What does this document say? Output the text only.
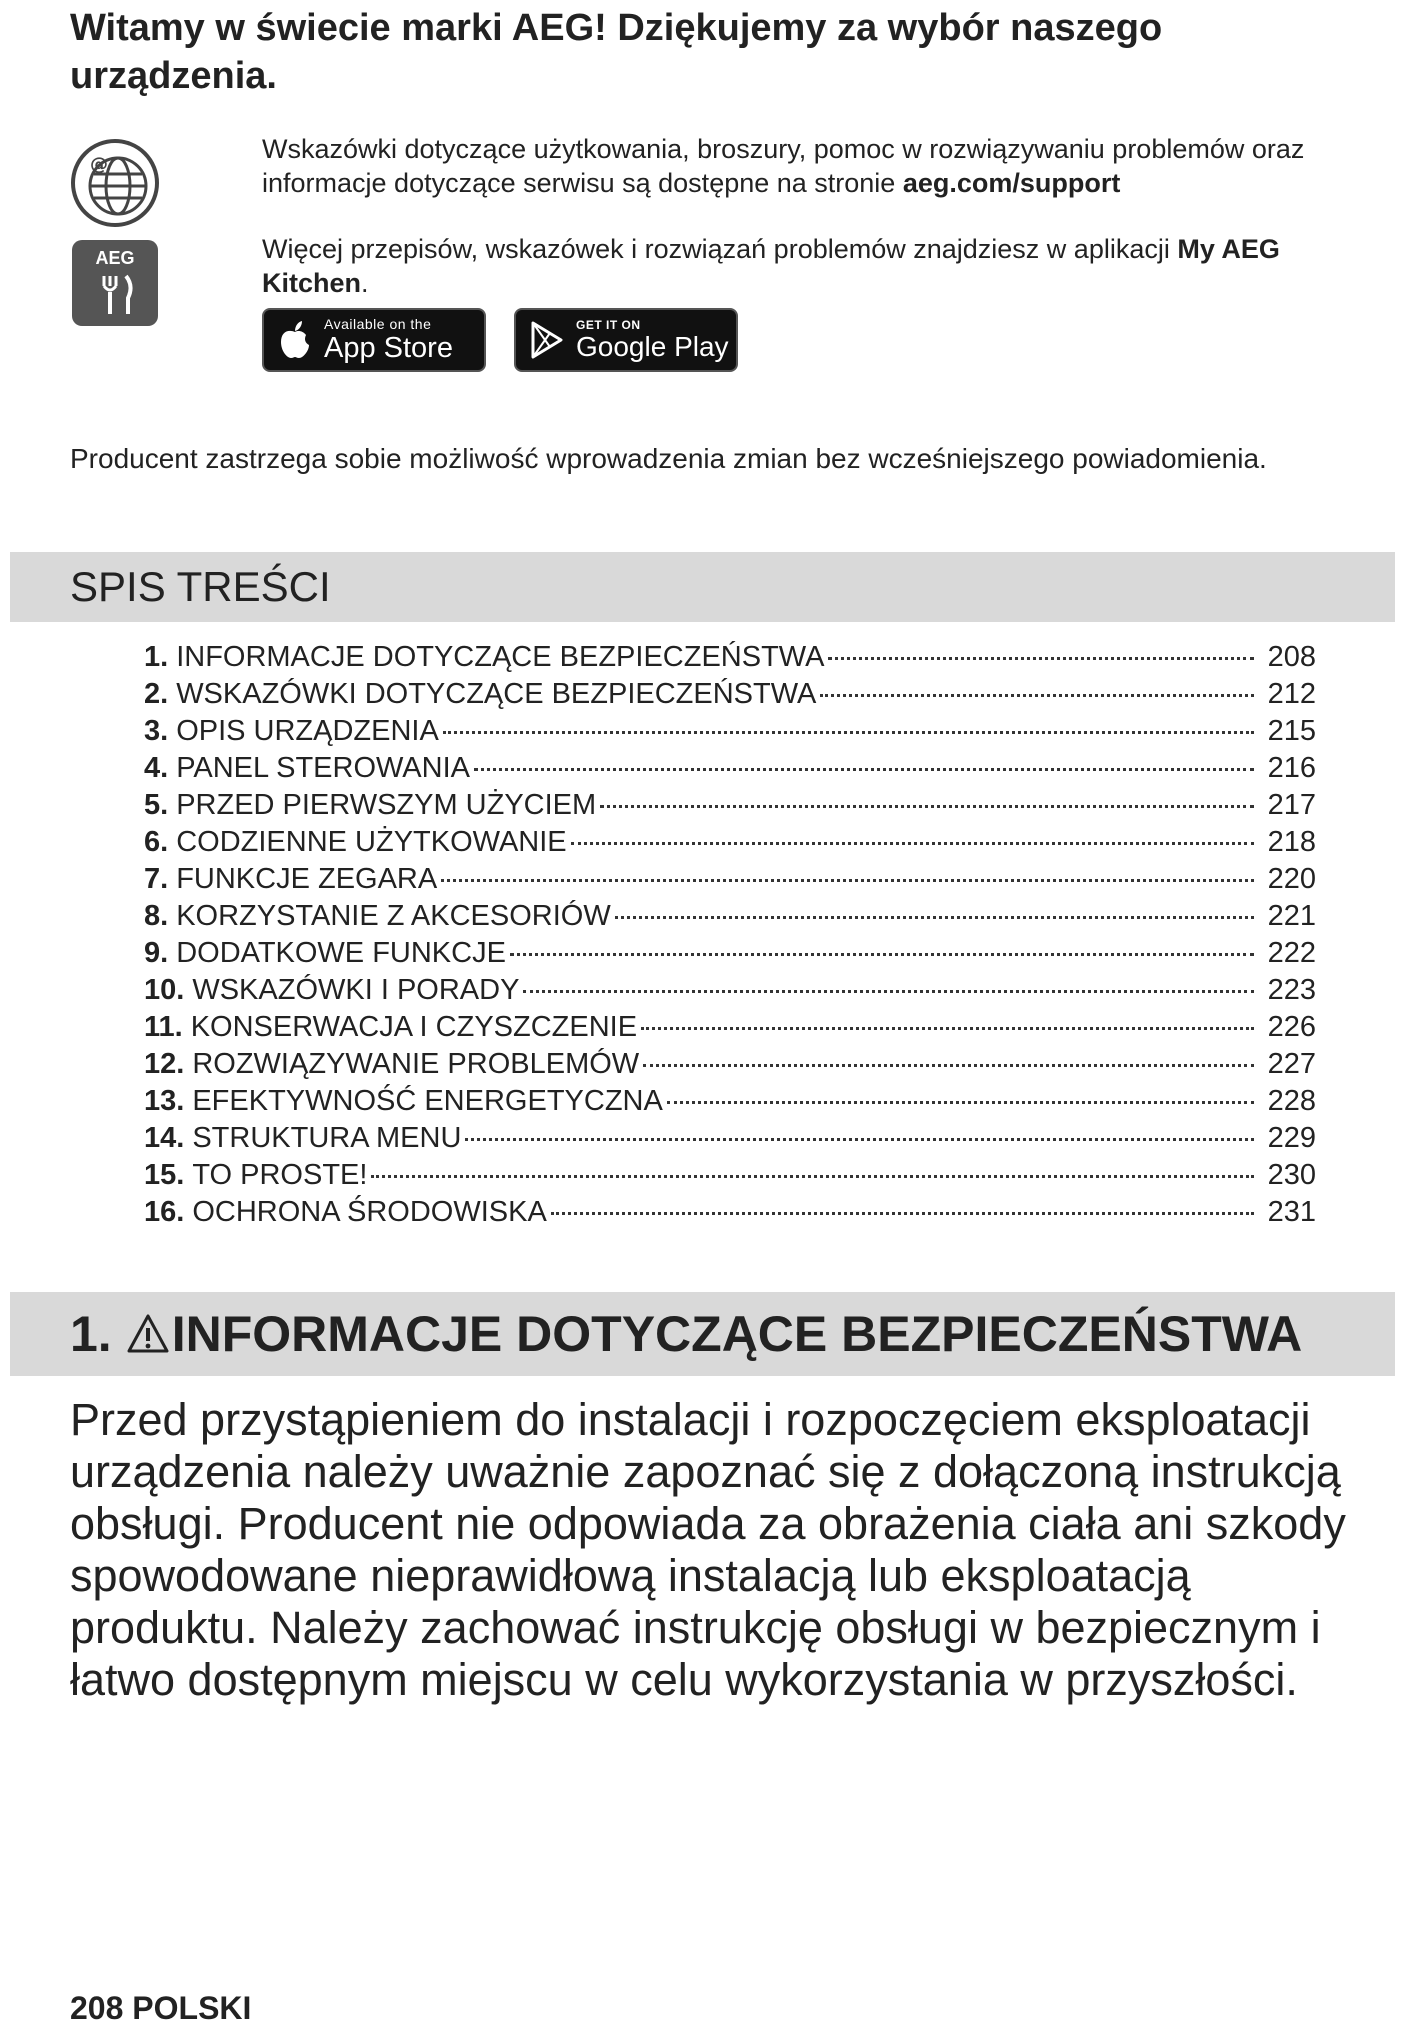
Witamy w świecie marki AEG! Dziękujemy za wybór naszego urządzenia.
@
AEG

Wskazówki dotyczące użytkowania, broszury, pomoc w rozwiązywaniu problemów oraz informacje dotyczące serwisu są dostępne na stronie aeg.com/support

Więcej przepisów, wskazówek i rozwiązań problemów znajdziesz w aplikacji My AEG Kitchen.

Available on the
App Store
GET IT ON
Google Play

Producent zastrzega sobie możliwość wprowadzenia zmian bez wcześniejszego powiadomienia.

SPIS TREŚCI
1. INFORMACJE DOTYCZĄCE BEZPIECZEŃSTWA	208
2. WSKAZÓWKI DOTYCZĄCE BEZPIECZEŃSTWA	212
3. OPIS URZĄDZENIA	215
4. PANEL STEROWANIA	216
5. PRZED PIERWSZYM UŻYCIEM	217
6. CODZIENNE UŻYTKOWANIE	218
7. FUNKCJE ZEGARA	220
8. KORZYSTANIE Z AKCESORIÓW	221
9. DODATKOWE FUNKCJE	222
10. WSKAZÓWKI I PORADY	223
11. KONSERWACJA I CZYSZCZENIE	226
12. ROZWIĄZYWANIE PROBLEMÓW	227
13. EFEKTYWNOŚĆ ENERGETYCZNA	228
14. STRUKTURA MENU	229
15. TO PROSTE!	230
16. OCHRONA ŚRODOWISKA	231
1. INFORMACJE DOTYCZĄCE BEZPIECZEŃSTWA

Przed przystąpieniem do instalacji i rozpoczęciem eksploatacji urządzenia należy uważnie zapoznać się z dołączoną instrukcją obsługi. Producent nie odpowiada za obrażenia ciała ani szkody spowodowane nieprawidłową instalacją lub eksploatacją produktu. Należy zachować instrukcję obsługi w bezpiecznym i łatwo dostępnym miejscu w celu wykorzystania w przyszłości.

208 POLSKI
